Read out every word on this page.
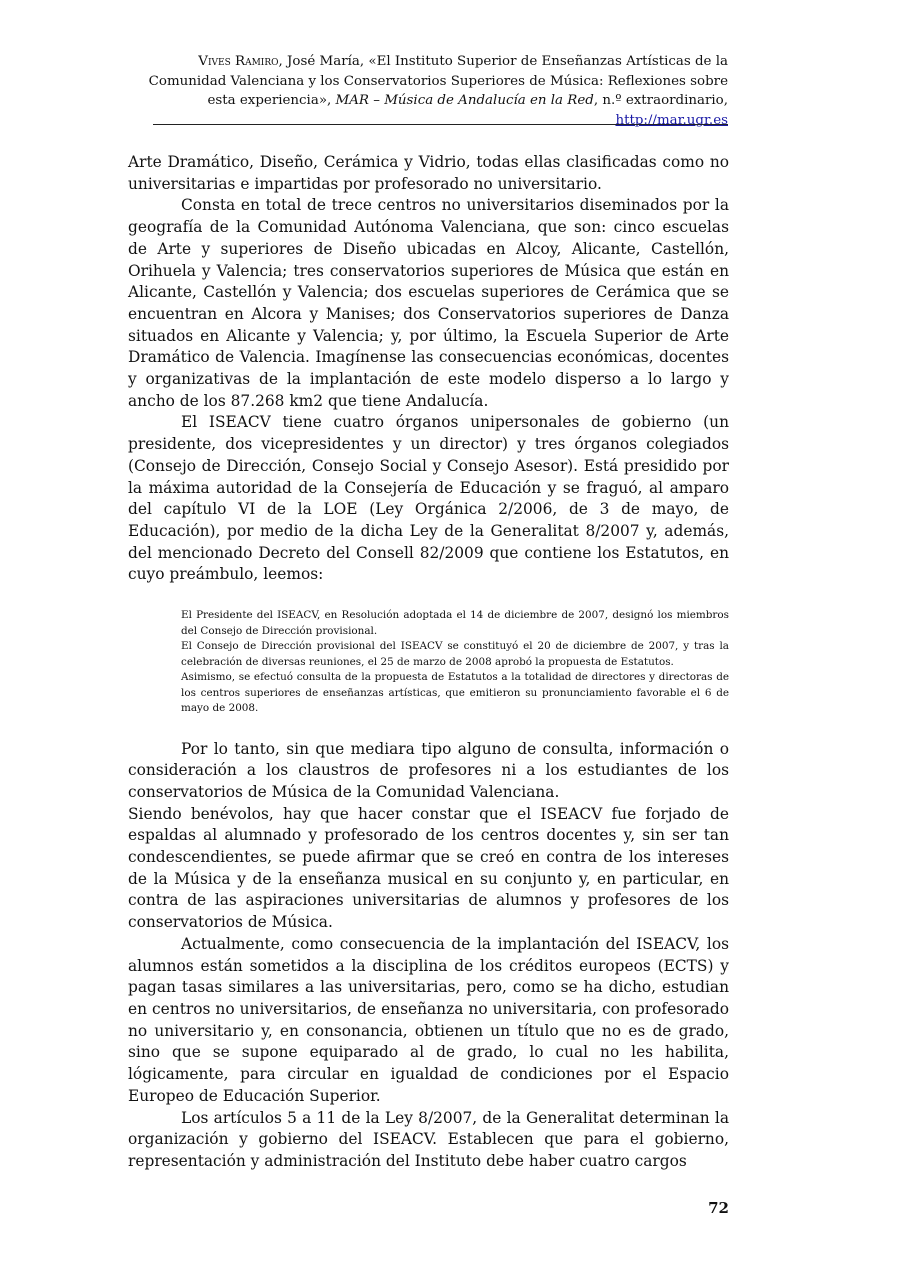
Vives Ramiro, José María, «El Instituto Superior de Enseñanzas Artísticas de la Comunidad Valenciana y los Conservatorios Superiores de Música: Reflexiones sobre esta experiencia», MAR – Música de Andalucía en la Red, n.º extraordinario, http://mar.ugr.es

Arte Dramático, Diseño, Cerámica y Vidrio, todas ellas clasificadas como no universitarias e impartidas por profesorado no universitario.

Consta en total de trece centros no universitarios diseminados por la geografía de la Comunidad Autónoma Valenciana, que son: cinco escuelas de Arte y superiores de Diseño ubicadas en Alcoy, Alicante, Castellón, Orihuela y Valencia; tres conservatorios superiores de Música que están en Alicante, Castellón y Valencia; dos escuelas superiores de Cerámica que se encuentran en Alcora y Manises; dos Conservatorios superiores de Danza situados en Alicante y Valencia; y, por último, la Escuela Superior de Arte Dramático de Valencia. Imagínense las consecuencias económicas, docentes y organizativas de la implantación de este modelo disperso a lo largo y ancho de los 87.268 km2 que tiene Andalucía.

El ISEACV tiene cuatro órganos unipersonales de gobierno (un presidente, dos vicepresidentes y un director) y tres órganos colegiados (Consejo de Dirección, Consejo Social y Consejo Asesor). Está presidido por la máxima autoridad de la Consejería de Educación y se fraguó, al amparo del capítulo VI de la LOE (Ley Orgánica 2/2006, de 3 de mayo, de Educación), por medio de la dicha Ley de la Generalitat 8/2007 y, además, del mencionado Decreto del Consell 82/2009 que contiene los Estatutos, en cuyo preámbulo, leemos:

El Presidente del ISEACV, en Resolución adoptada el 14 de diciembre de 2007, designó los miembros del Consejo de Dirección provisional.
El Consejo de Dirección provisional del ISEACV se constituyó el 20 de diciembre de 2007, y tras la celebración de diversas reuniones, el 25 de marzo de 2008 aprobó la propuesta de Estatutos.
Asimismo, se efectuó consulta de la propuesta de Estatutos a la totalidad de directores y directoras de los centros superiores de enseñanzas artísticas, que emitieron su pronunciamiento favorable el 6 de mayo de 2008.

Por lo tanto, sin que mediara tipo alguno de consulta, información o consideración a los claustros de profesores ni a los estudiantes de los conservatorios de Música de la Comunidad Valenciana.

Siendo benévolos, hay que hacer constar que el ISEACV fue forjado de espaldas al alumnado y profesorado de los centros docentes y, sin ser tan condescendientes, se puede afirmar que se creó en contra de los intereses de la Música y de la enseñanza musical en su conjunto y, en particular, en contra de las aspiraciones universitarias de alumnos y profesores de los conservatorios de Música.

Actualmente, como consecuencia de la implantación del ISEACV, los alumnos están sometidos a la disciplina de los créditos europeos (ECTS) y pagan tasas similares a las universitarias, pero, como se ha dicho, estudian en centros no universitarios, de enseñanza no universitaria, con profesorado no universitario y, en consonancia, obtienen un título que no es de grado, sino que se supone equiparado al de grado, lo cual no les habilita, lógicamente, para circular en igualdad de condiciones por el Espacio Europeo de Educación Superior.

Los artículos 5 a 11 de la Ley 8/2007, de la Generalitat determinan la organización y gobierno del ISEACV. Establecen que para el gobierno, representación y administración del Instituto debe haber cuatro cargos

72
